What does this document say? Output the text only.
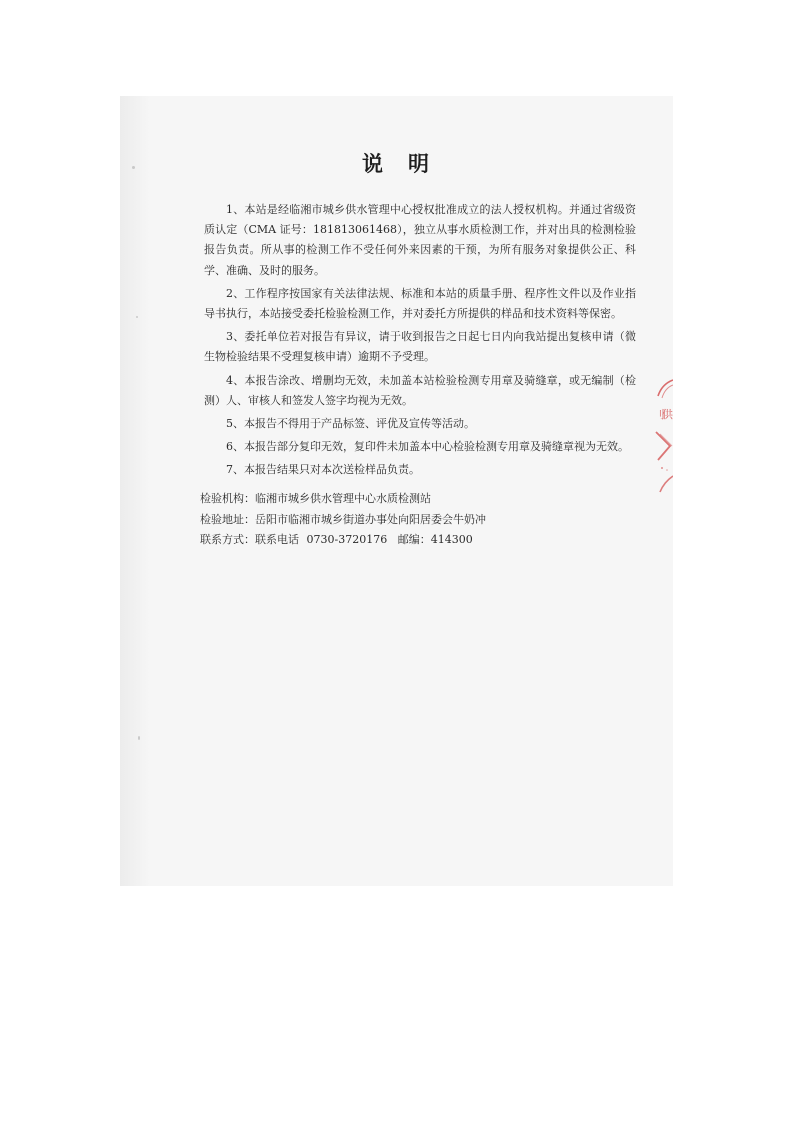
说　明

1、本站是经临湘市城乡供水管理中心授权批准成立的法人授权机构。并通过省级资质认定（CMA 证号：181813061468），独立从事水质检测工作，并对出具的检测检验报告负责。所从事的检测工作不受任何外来因素的干预，为所有服务对象提供公正、科学、准确、及时的服务。

2、工作程序按国家有关法律法规、标准和本站的质量手册、程序性文件以及作业指导书执行，本站接受委托检验检测工作，并对委托方所提供的样品和技术资料等保密。

3、委托单位若对报告有异议，请于收到报告之日起七日内向我站提出复核申请（微生物检验结果不受理复核申请）逾期不予受理。

4、本报告涂改、增删均无效，未加盖本站检验检测专用章及骑缝章，或无编制（检测）人、审核人和签发人签字均视为无效。

5、本报告不得用于产品标签、评优及宣传等活动。

6、本报告部分复印无效，复印件未加盖本中心检验检测专用章及骑缝章视为无效。

7、本报告结果只对本次送检样品负责。

检验机构：临湘市城乡供水管理中心水质检测站

检验地址：岳阳市临湘市城乡街道办事处向阳居委会牛奶冲

联系方式：联系电话 0730-3720176 邮编：414300

刂
供
